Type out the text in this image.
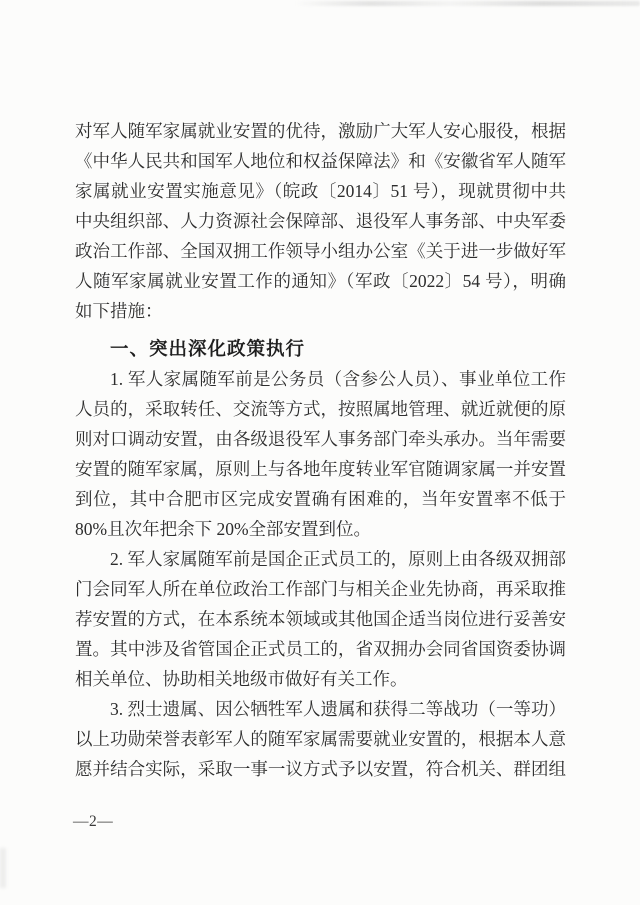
对军人随军家属就业安置的优待，激励广大军人安心服役，根据
《中华人民共和国军人地位和权益保障法》和《安徽省军人随军
家属就业安置实施意见》（皖政〔2014〕51 号），现就贯彻中共
中央组织部、人力资源社会保障部、退役军人事务部、中央军委
政治工作部、全国双拥工作领导小组办公室《关于进一步做好军
人随军家属就业安置工作的通知》（军政〔2022〕54 号），明确
如下措施：
一、突出深化政策执行
1. 军人家属随军前是公务员（含参公人员）、事业单位工作
人员的，采取转任、交流等方式，按照属地管理、就近就便的原
则对口调动安置，由各级退役军人事务部门牵头承办。当年需要
安置的随军家属，原则上与各地年度转业军官随调家属一并安置
到位，其中合肥市区完成安置确有困难的，当年安置率不低于
80%且次年把余下 20%全部安置到位。
2. 军人家属随军前是国企正式员工的，原则上由各级双拥部
门会同军人所在单位政治工作部门与相关企业先协商，再采取推
荐安置的方式，在本系统本领域或其他国企适当岗位进行妥善安
置。其中涉及省管国企正式员工的，省双拥办会同省国资委协调
相关单位、协助相关地级市做好有关工作。
3. 烈士遗属、因公牺牲军人遗属和获得二等战功（一等功）
以上功勋荣誉表彰军人的随军家属需要就业安置的，根据本人意
愿并结合实际，采取一事一议方式予以安置，符合机关、群团组
—2—
